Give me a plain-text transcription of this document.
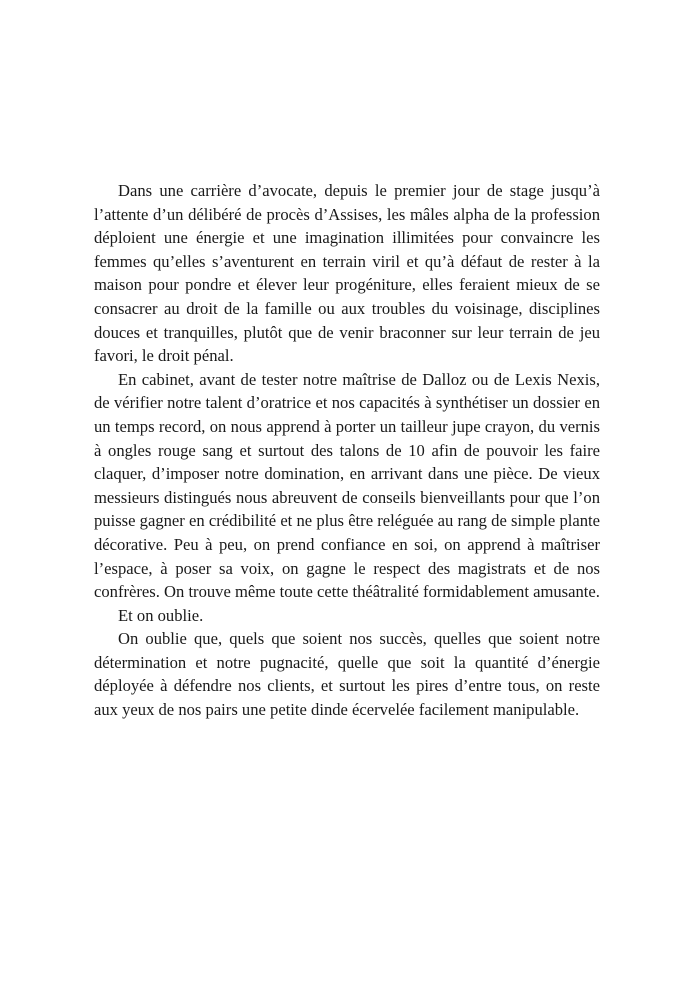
Dans une carrière d’avocate, depuis le premier jour de stage jusqu’à l’attente d’un délibéré de procès d’Assises, les mâles alpha de la profession déploient une énergie et une imagination illimitées pour convaincre les femmes qu’elles s’aventurent en terrain viril et qu’à défaut de rester à la maison pour pondre et élever leur progéniture, elles feraient mieux de se consacrer au droit de la famille ou aux troubles du voisinage, disciplines douces et tranquilles, plutôt que de venir braconner sur leur terrain de jeu favori, le droit pénal.

En cabinet, avant de tester notre maîtrise de Dalloz ou de Lexis Nexis, de vérifier notre talent d’oratrice et nos capacités à synthétiser un dossier en un temps record, on nous apprend à porter un tailleur jupe crayon, du vernis à ongles rouge sang et surtout des talons de 10 afin de pouvoir les faire claquer, d’imposer notre domination, en arrivant dans une pièce. De vieux messieurs distingués nous abreuvent de conseils bienveillants pour que l’on puisse gagner en crédibilité et ne plus être reléguée au rang de simple plante décorative. Peu à peu, on prend confiance en soi, on apprend à maîtriser l’espace, à poser sa voix, on gagne le respect des magistrats et de nos confrères. On trouve même toute cette théâtralité formidablement amusante.

Et on oublie.

On oublie que, quels que soient nos succès, quelles que soient notre détermination et notre pugnacité, quelle que soit la quantité d’énergie déployée à défendre nos clients, et surtout les pires d’entre tous, on reste aux yeux de nos pairs une petite dinde écervelée facilement manipulable.
